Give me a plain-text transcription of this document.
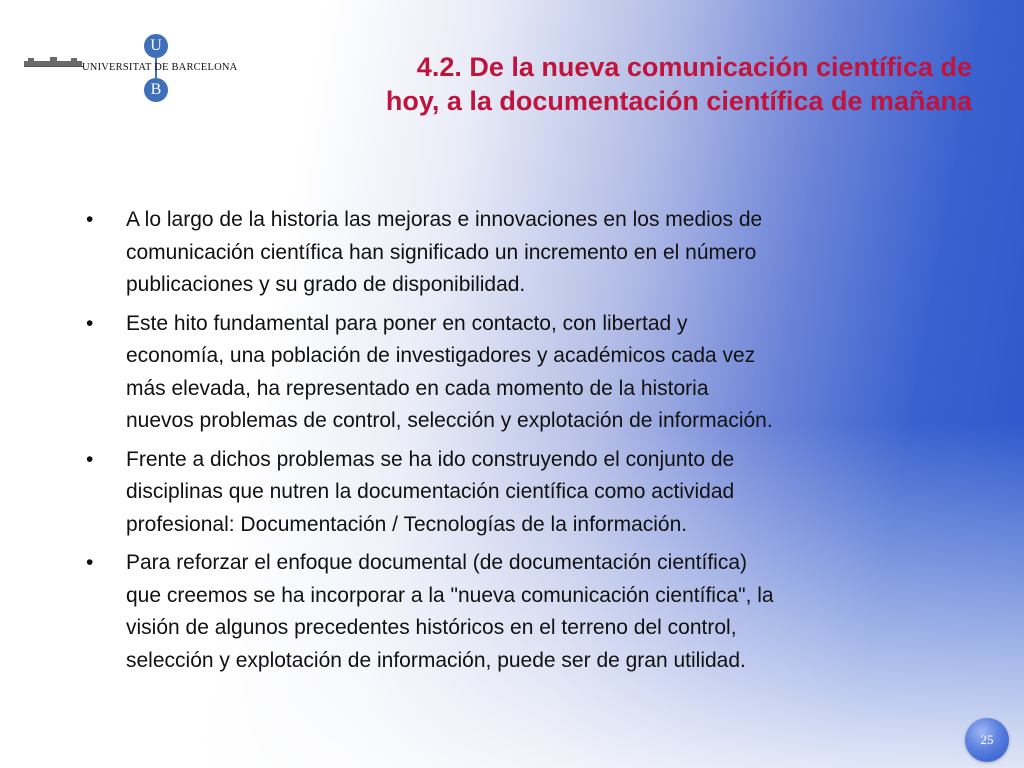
U
B
UNIVERSITAT DE BARCELONA	4.2. De la nueva comunicación científica de
hoy, a la documentación científica de mañana
• A lo largo de la historia las mejoras e innovaciones en los medios de
comunicación científica han significado un incremento en el número
publicaciones y su grado de disponibilidad.
• Este hito fundamental para poner en contacto, con libertad y
economía, una población de investigadores y académicos cada vez
más elevada, ha representado en cada momento de la historia
nuevos problemas de control, selección y explotación de información.
• Frente a dichos problemas se ha ido construyendo el conjunto de
disciplinas que nutren la documentación científica como actividad
profesional: Documentación / Tecnologías de la información.
• Para reforzar el enfoque documental (de documentación científica)
que creemos se ha incorporar a la "nueva comunicación científica", la
visión de algunos precedentes históricos en el terreno del control,
selección y explotación de información, puede ser de gran utilidad.
25
